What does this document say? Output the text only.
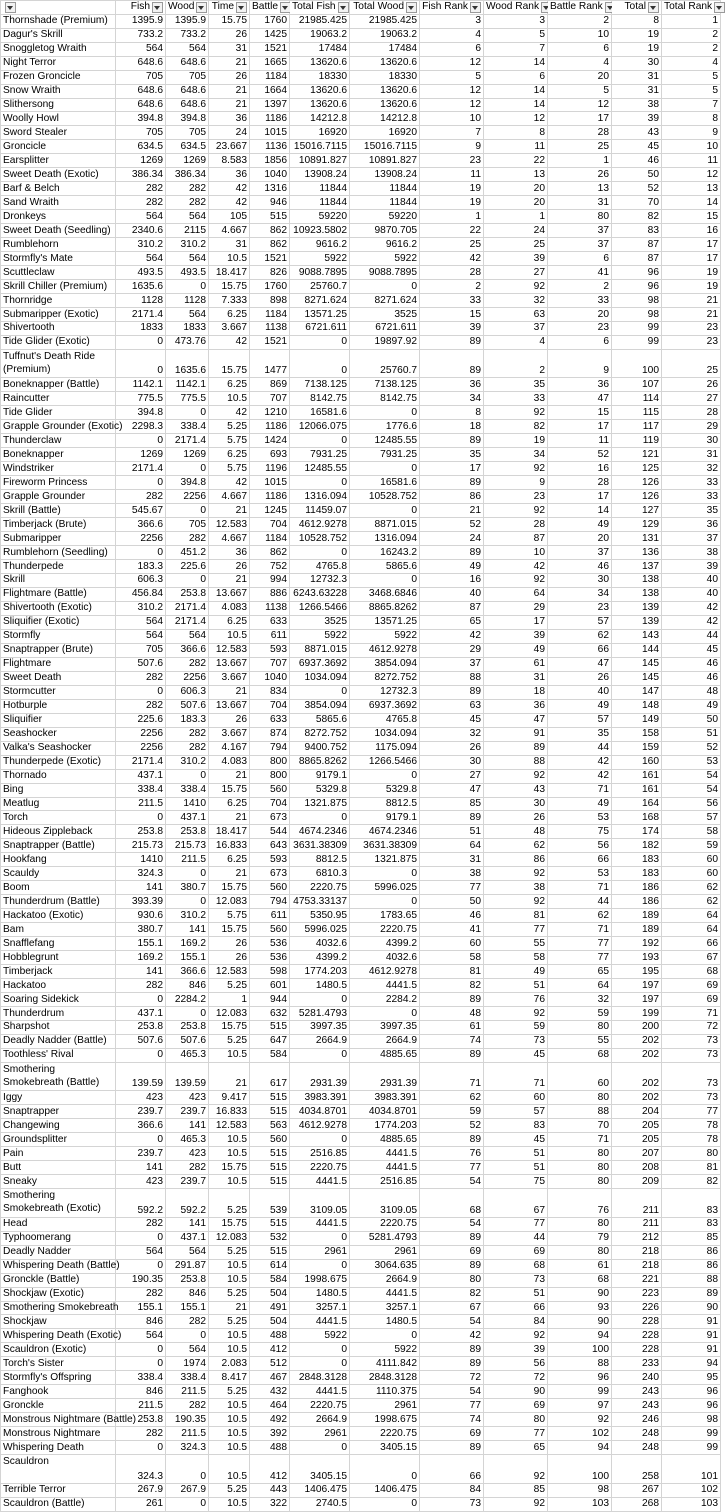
	Fish	Wood	Time	Battle	Total Fish	Total Wood	Fish Rank	Wood Rank	Battle Rank	Total	Total Rank
Thornshade (Premium)	1395.9	1395.9	15.75	1760	21985.425	21985.425	3	3	2	8	1
Dagur's Skrill	733.2	733.2	26	1425	19063.2	19063.2	4	5	10	19	2
Snoggletog Wraith	564	564	31	1521	17484	17484	6	7	6	19	2
Night Terror	648.6	648.6	21	1665	13620.6	13620.6	12	14	4	30	4
Frozen Groncicle	705	705	26	1184	18330	18330	5	6	20	31	5
Snow Wraith	648.6	648.6	21	1664	13620.6	13620.6	12	14	5	31	5
Slithersong	648.6	648.6	21	1397	13620.6	13620.6	12	14	12	38	7
Woolly Howl	394.8	394.8	36	1186	14212.8	14212.8	10	12	17	39	8
Sword Stealer	705	705	24	1015	16920	16920	7	8	28	43	9
Groncicle	634.5	634.5	23.667	1136	15016.7115	15016.7115	9	11	25	45	10
Earsplitter	1269	1269	8.583	1856	10891.827	10891.827	23	22	1	46	11
Sweet Death (Exotic)	386.34	386.34	36	1040	13908.24	13908.24	11	13	26	50	12
Barf & Belch	282	282	42	1316	11844	11844	19	20	13	52	13
Sand Wraith	282	282	42	946	11844	11844	19	20	31	70	14
Dronkeys	564	564	105	515	59220	59220	1	1	80	82	15
Sweet Death (Seedling)	2340.6	2115	4.667	862	10923.5802	9870.705	22	24	37	83	16
Rumblehorn	310.2	310.2	31	862	9616.2	9616.2	25	25	37	87	17
Stormfly's Mate	564	564	10.5	1521	5922	5922	42	39	6	87	17
Scuttleclaw	493.5	493.5	18.417	826	9088.7895	9088.7895	28	27	41	96	19
Skrill Chiller (Premium)	1635.6	0	15.75	1760	25760.7	0	2	92	2	96	19
Thornridge	1128	1128	7.333	898	8271.624	8271.624	33	32	33	98	21
Submaripper (Exotic)	2171.4	564	6.25	1184	13571.25	3525	15	63	20	98	21
Shivertooth	1833	1833	3.667	1138	6721.611	6721.611	39	37	23	99	23
Tide Glider (Exotic)	0	473.76	42	1521	0	19897.92	89	4	6	99	23
Tuffnut's Death Ride (Premium)	0	1635.6	15.75	1477	0	25760.7	89	2	9	100	25
Boneknapper (Battle)	1142.1	1142.1	6.25	869	7138.125	7138.125	36	35	36	107	26
Raincutter	775.5	775.5	10.5	707	8142.75	8142.75	34	33	47	114	27
Tide Glider	394.8	0	42	1210	16581.6	0	8	92	15	115	28
Grapple Grounder (Exotic)	2298.3	338.4	5.25	1186	12066.075	1776.6	18	82	17	117	29
Thunderclaw	0	2171.4	5.75	1424	0	12485.55	89	19	11	119	30
Boneknapper	1269	1269	6.25	693	7931.25	7931.25	35	34	52	121	31
Windstriker	2171.4	0	5.75	1196	12485.55	0	17	92	16	125	32
Fireworm Princess	0	394.8	42	1015	0	16581.6	89	9	28	126	33
Grapple Grounder	282	2256	4.667	1186	1316.094	10528.752	86	23	17	126	33
Skrill (Battle)	545.67	0	21	1245	11459.07	0	21	92	14	127	35
Timberjack (Brute)	366.6	705	12.583	704	4612.9278	8871.015	52	28	49	129	36
Submaripper	2256	282	4.667	1184	10528.752	1316.094	24	87	20	131	37
Rumblehorn (Seedling)	0	451.2	36	862	0	16243.2	89	10	37	136	38
Thunderpede	183.3	225.6	26	752	4765.8	5865.6	49	42	46	137	39
Skrill	606.3	0	21	994	12732.3	0	16	92	30	138	40
Flightmare (Battle)	456.84	253.8	13.667	886	6243.63228	3468.6846	40	64	34	138	40
Shivertooth (Exotic)	310.2	2171.4	4.083	1138	1266.5466	8865.8262	87	29	23	139	42
Sliquifier (Exotic)	564	2171.4	6.25	633	3525	13571.25	65	17	57	139	42
Stormfly	564	564	10.5	611	5922	5922	42	39	62	143	44
Snaptrapper (Brute)	705	366.6	12.583	593	8871.015	4612.9278	29	49	66	144	45
Flightmare	507.6	282	13.667	707	6937.3692	3854.094	37	61	47	145	46
Sweet Death	282	2256	3.667	1040	1034.094	8272.752	88	31	26	145	46
Stormcutter	0	606.3	21	834	0	12732.3	89	18	40	147	48
Hotburple	282	507.6	13.667	704	3854.094	6937.3692	63	36	49	148	49
Sliquifier	225.6	183.3	26	633	5865.6	4765.8	45	47	57	149	50
Seashocker	2256	282	3.667	874	8272.752	1034.094	32	91	35	158	51
Valka's Seashocker	2256	282	4.167	794	9400.752	1175.094	26	89	44	159	52
Thunderpede (Exotic)	2171.4	310.2	4.083	800	8865.8262	1266.5466	30	88	42	160	53
Thornado	437.1	0	21	800	9179.1	0	27	92	42	161	54
Bing	338.4	338.4	15.75	560	5329.8	5329.8	47	43	71	161	54
Meatlug	211.5	1410	6.25	704	1321.875	8812.5	85	30	49	164	56
Torch	0	437.1	21	673	0	9179.1	89	26	53	168	57
Hideous Zippleback	253.8	253.8	18.417	544	4674.2346	4674.2346	51	48	75	174	58
Snaptrapper (Battle)	215.73	215.73	16.833	643	3631.38309	3631.38309	64	62	56	182	59
Hookfang	1410	211.5	6.25	593	8812.5	1321.875	31	86	66	183	60
Scauldy	324.3	0	21	673	6810.3	0	38	92	53	183	60
Boom	141	380.7	15.75	560	2220.75	5996.025	77	38	71	186	62
Thunderdrum (Battle)	393.39	0	12.083	794	4753.33137	0	50	92	44	186	62
Hackatoo (Exotic)	930.6	310.2	5.75	611	5350.95	1783.65	46	81	62	189	64
Bam	380.7	141	15.75	560	5996.025	2220.75	41	77	71	189	64
Snafflefang	155.1	169.2	26	536	4032.6	4399.2	60	55	77	192	66
Hobblegrunt	169.2	155.1	26	536	4399.2	4032.6	58	58	77	193	67
Timberjack	141	366.6	12.583	598	1774.203	4612.9278	81	49	65	195	68
Hackatoo	282	846	5.25	601	1480.5	4441.5	82	51	64	197	69
Soaring Sidekick	0	2284.2	1	944	0	2284.2	89	76	32	197	69
Thunderdrum	437.1	0	12.083	632	5281.4793	0	48	92	59	199	71
Sharpshot	253.8	253.8	15.75	515	3997.35	3997.35	61	59	80	200	72
Deadly Nadder (Battle)	507.6	507.6	5.25	647	2664.9	2664.9	74	73	55	202	73
Toothless' Rival	0	465.3	10.5	584	0	4885.65	89	45	68	202	73
Smothering Smokebreath (Battle)	139.59	139.59	21	617	2931.39	2931.39	71	71	60	202	73
Iggy	423	423	9.417	515	3983.391	3983.391	62	60	80	202	73
Snaptrapper	239.7	239.7	16.833	515	4034.8701	4034.8701	59	57	88	204	77
Changewing	366.6	141	12.583	563	4612.9278	1774.203	52	83	70	205	78
Groundsplitter	0	465.3	10.5	560	0	4885.65	89	45	71	205	78
Pain	239.7	423	10.5	515	2516.85	4441.5	76	51	80	207	80
Butt	141	282	15.75	515	2220.75	4441.5	77	51	80	208	81
Sneaky	423	239.7	10.5	515	4441.5	2516.85	54	75	80	209	82
Smothering Smokebreath (Exotic)	592.2	592.2	5.25	539	3109.05	3109.05	68	67	76	211	83
Head	282	141	15.75	515	4441.5	2220.75	54	77	80	211	83
Typhoomerang	0	437.1	12.083	532	0	5281.4793	89	44	79	212	85
Deadly Nadder	564	564	5.25	515	2961	2961	69	69	80	218	86
Whispering Death (Battle)	0	291.87	10.5	614	0	3064.635	89	68	61	218	86
Gronckle (Battle)	190.35	253.8	10.5	584	1998.675	2664.9	80	73	68	221	88
Shockjaw (Exotic)	282	846	5.25	504	1480.5	4441.5	82	51	90	223	89
Smothering Smokebreath	155.1	155.1	21	491	3257.1	3257.1	67	66	93	226	90
Shockjaw	846	282	5.25	504	4441.5	1480.5	54	84	90	228	91
Whispering Death (Exotic)	564	0	10.5	488	5922	0	42	92	94	228	91
Scauldron (Exotic)	0	564	10.5	412	0	5922	89	39	100	228	91
Torch's Sister	0	1974	2.083	512	0	4111.842	89	56	88	233	94
Stormfly's Offspring	338.4	338.4	8.417	467	2848.3128	2848.3128	72	72	96	240	95
Fanghook	846	211.5	5.25	432	4441.5	1110.375	54	90	99	243	96
Gronckle	211.5	282	10.5	464	2220.75	2961	77	69	97	243	96
Monstrous Nightmare (Battle)	253.8	190.35	10.5	492	2664.9	1998.675	74	80	92	246	98
Monstrous Nightmare	282	211.5	10.5	392	2961	2220.75	69	77	102	248	99
Whispering Death	0	324.3	10.5	488	0	3405.15	89	65	94	248	99
Scauldron	324.3	0	10.5	412	3405.15	0	66	92	100	258	101
Terrible Terror	267.9	267.9	5.25	443	1406.475	1406.475	84	85	98	267	102
Scauldron (Battle)	261	0	10.5	322	2740.5	0	73	92	103	268	103
